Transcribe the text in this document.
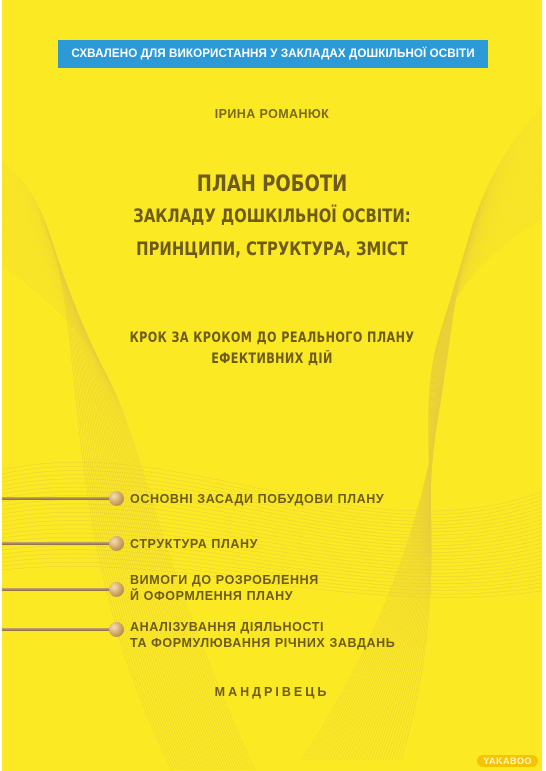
СХВАЛЕНО ДЛЯ ВИКОРИСТАННЯ У ЗАКЛАДАХ ДОШКІЛЬНОЇ ОСВІТИ
ІРИНА РОМАНЮК
ПЛАН РОБОТИ
ЗАКЛАДУ ДОШКІЛЬНОЇ ОСВІТИ:
ПРИНЦИПИ, СТРУКТУРА, ЗМІСТ
КРОК ЗА КРОКОМ ДО РЕАЛЬНОГО ПЛАНУ
ЕФЕКТИВНИХ ДІЙ
ОСНОВНІ ЗАСАДИ ПОБУДОВИ ПЛАНУ
СТРУКТУРА ПЛАНУ
ВИМОГИ ДО РОЗРОБЛЕННЯ
Й ОФОРМЛЕННЯ ПЛАНУ
АНАЛІЗУВАННЯ ДІЯЛЬНОСТІ
ТА ФОРМУЛЮВАННЯ РІЧНИХ ЗАВДАНЬ
МАНДРІВЕЦЬ
YAKABOO
